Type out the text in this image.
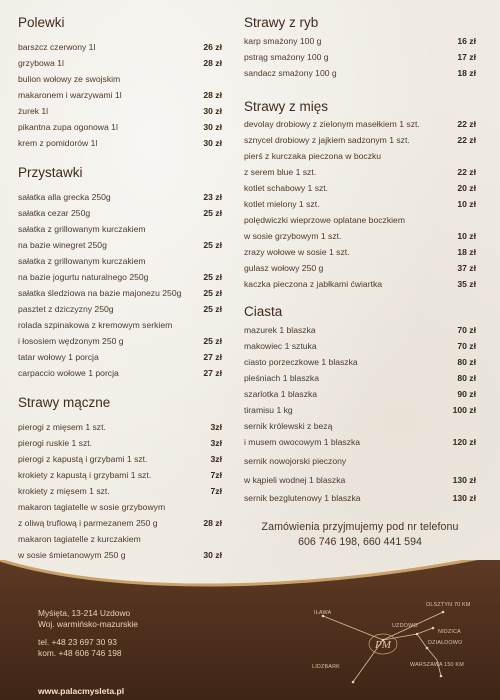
Polewki
barszcz czerwony 1l	26 zł
grzybowa 1l	28 zł
bulion wołowy ze swojskim
makaronem i warzywami 1l	28 zł
żurek 1l	30 zł
pikantna zupa ogonowa 1l	30 zł
krem z pomidorów 1l	30 zł
Przystawki
sałatka alla grecka 250g	23 zł
sałatka cezar 250g	25 zł
sałatka z grillowanym kurczakiem
na bazie winegret 250g	25 zł
sałatka z grillowanym kurczakiem
na bazie jogurtu naturalnego 250g	25 zł
sałatka śledziowa na bazie majonezu 250g	25 zł
pasztet z dziczyzny 250g	25 zł
rolada szpinakowa z kremowym serkiem
i łososiem wędzonym 250 g	25 zł
tatar wołowy 1 porcja	27 zł
carpaccio wołowe 1 porcja	27 zł
Strawy mączne
pierogi z mięsem 1 szt.	3zł
pierogi ruskie 1 szt.	3zł
pierogi z kapustą i grzybami 1 szt.	3zł
krokiety z kapustą i grzybami 1 szt.	7zł
krokiety z mięsem 1 szt.	7zł
makaron tagiatelle w sosie grzybowym
z oliwą truflową i parmezanem 250 g	28 zł
makaron tagiatelle z kurczakiem
w sosie śmietanowym 250 g	30 zł
Strawy z ryb
karp smażony 100 g	16 zł
pstrąg smażony 100 g	17 zł
sandacz smażony 100 g	18 zł
Strawy z mięs
devolay drobiowy z zielonym masełkiem 1 szt.	22 zł
sznycel drobiowy z jajkiem sadzonym 1 szt.	22 zł
pierś z kurczaka pieczona w boczku
z serem blue 1 szt.	22 zł
kotlet schabowy 1 szt.	20 zł
kotlet mielony 1 szt.	10 zł
polędwiczki wieprzowe oplatane boczkiem
w sosie grzybowym 1 szt.	10 zł
zrazy wołowe w sosie 1 szt.	18 zł
gulasz wołowy 250 g	37 zł
kaczka pieczona z jabłkami ćwiartka	35 zł
Ciasta
mazurek 1 blaszka	70 zł
makowiec 1 sztuka	70 zł
ciasto porzeczkowe 1 blaszka	80 zł
pleśniach 1 blaszka	80 zł
szarlotka 1 blaszka	90 zł
tiramisu 1 kg	100 zł
sernik królewski z bezą
i musem owocowym 1 blaszka	120 zł
sernik nowojorski pieczony
w kąpieli wodnej 1 blaszka	130 zł
sernik bezglutenowy 1 blaszka	130 zł
Zamówienia przyjmujemy pod nr telefonu
606 746 198, 660 441 594
Myśięta, 13-214 Uzdowo
Woj. warmińsko-mazurskie
tel. +48 23 697 30 93
kom. +48 606 746 198
www.palacmysleta.pl
PM
IŁAWA
OLSZTYN 70 KM
UZDOWO
NIDZICA
DZIAŁDOWO
LIDZBARK	WARSZAWA 150 KM
